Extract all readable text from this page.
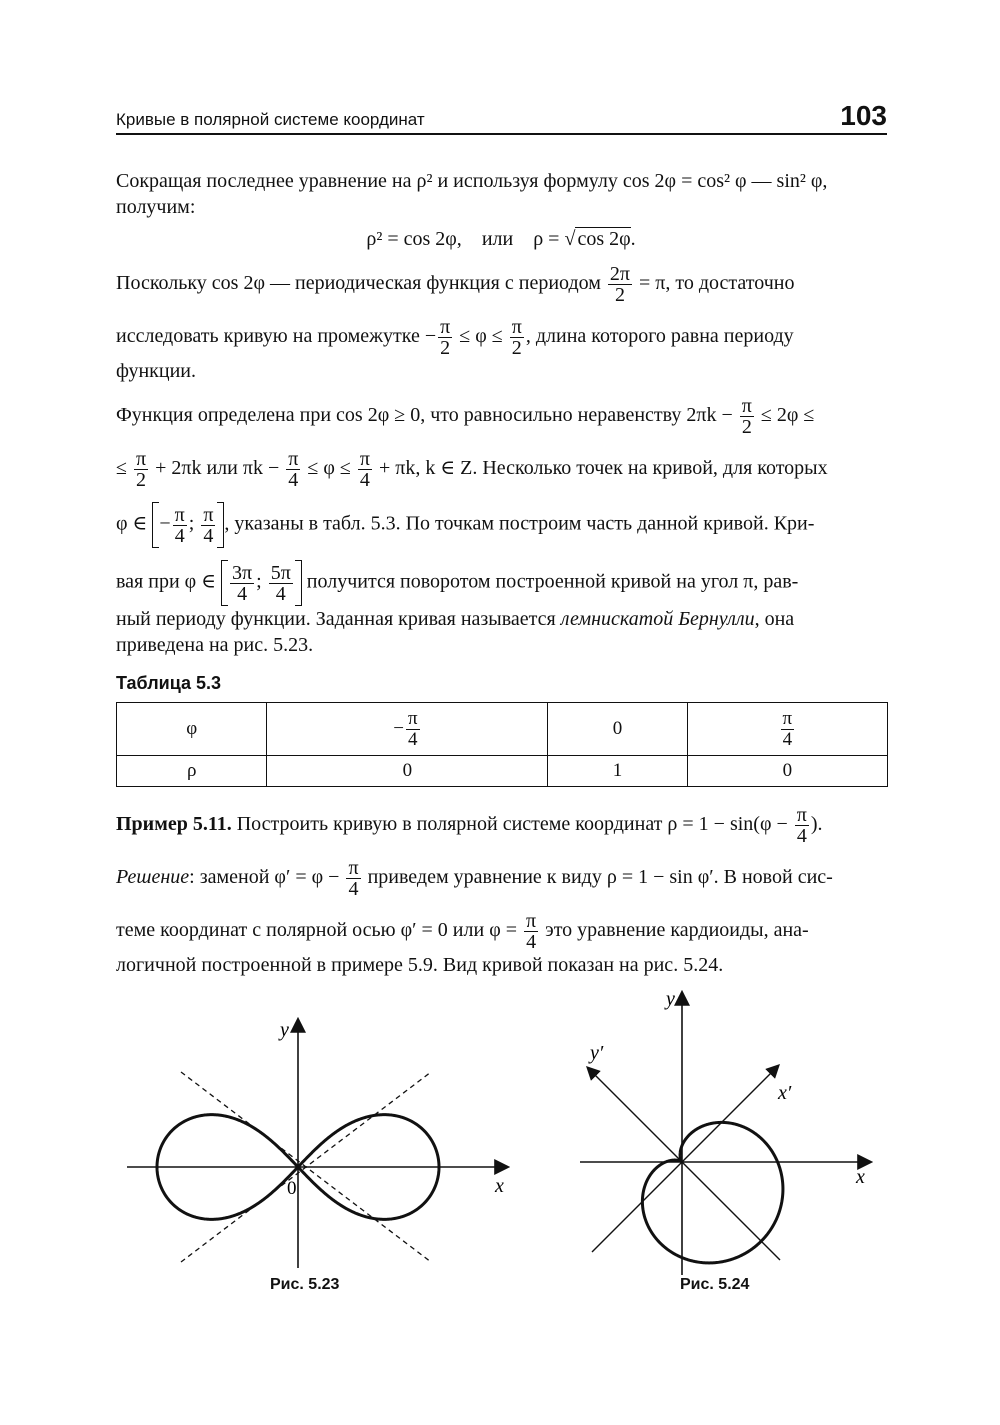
Кривые в полярной системе координат	103

Сокращая последнее уравнение на ρ² и используя формулу cos 2φ = cos² φ — sin² φ,

получим:

ρ² = cos 2φ, или ρ = √ cos 2φ.

Поскольку cos 2φ — периодическая функция с периодом $\frac{2\pi}{2} = \pi$, то достаточно

исследовать кривую на промежутке − $\frac{\pi}{2} \le \varphi \le \frac{\pi}{2}$ , длина которого равна периоду

функции.

Функция определена при cos 2φ ≥ 0, что равносильно неравенству $2\pi k - \frac{\pi}{2} \le 2\varphi$ ≤

≤ $\frac{\pi}{2} + 2\pi k$ или $\pi k - \frac{\pi}{4} \le \varphi \le \frac{\pi}{4} + \pi k$, k ∈ Z. Несколько точек на кривой, для которых

φ ∈ − $\frac{\pi}{4}$ ; $\frac{\pi}{4}$ , указаны в табл. 5.3. По точкам построим часть данной кривой. Кри-

вая при φ ∈ $\frac{3\pi}{4}$ ; $\frac{5\pi}{4}$ получится поворотом построенной кривой на угол π, рав-

ный периоду функции. Заданная кривая называется лемнискатой Бернулли, она

приведена на рис. 5.23.

Таблица 5.3

φ	− $\frac{\pi}{4}$	0	$\frac{\pi}{4}$

ρ	0	1	0

Пример 5.11. Построить кривую в полярной системе координат $\rho = 1 - \sin(\varphi - \frac{\pi}{4}$ ).

Решение: заменой $\varphi' = \varphi - \frac{\pi}{4}$ приведем уравнение к виду ρ = 1 − sin φ′. В новой сис-

теме координат с полярной осью φ′ = 0 или $\varphi = \frac{\pi}{4}$ это уравнение кардиоиды, ана-

логичной построенной в примере 5.9. Вид кривой показан на рис. 5.24.

x
y
0
Рис. 5.23
x
y
x′
y′
Рис. 5.24
